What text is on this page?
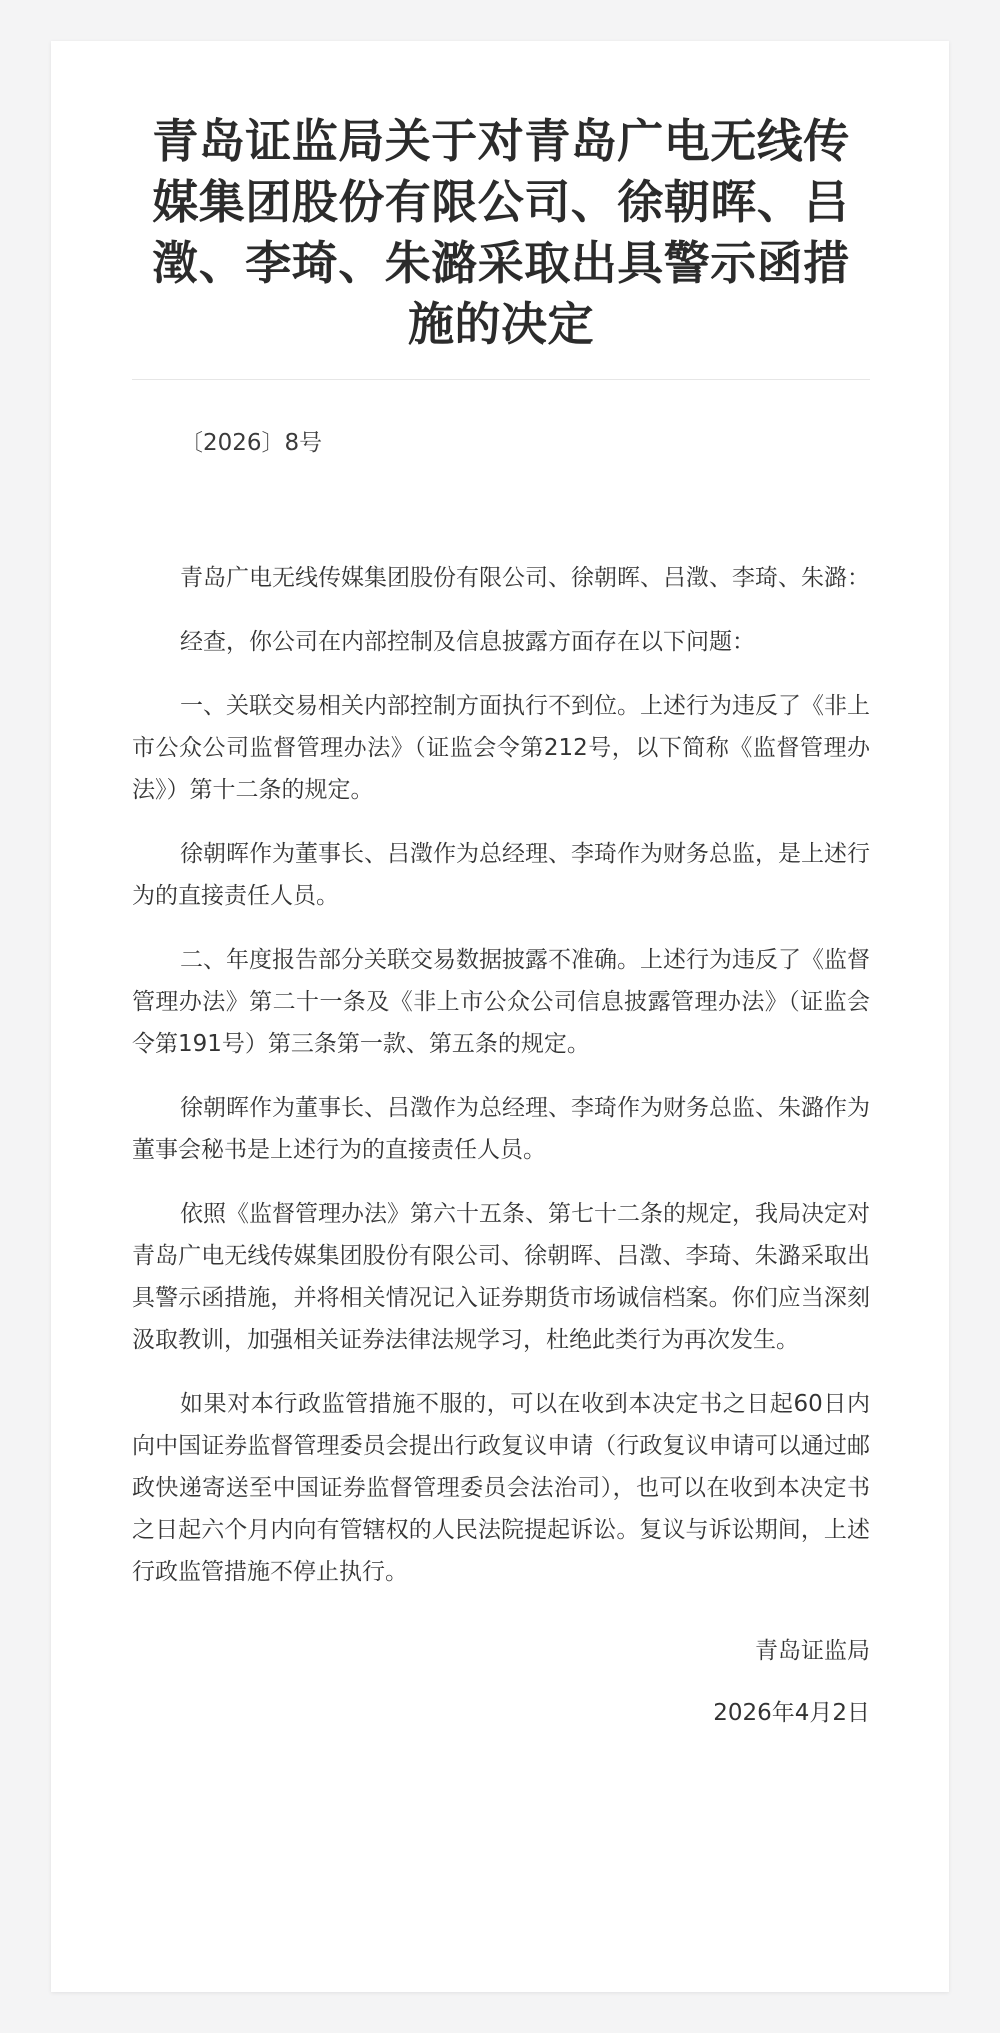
青岛证监局关于对青岛广电无线传媒集团股份有限公司、徐朝晖、吕澂、李琦、朱潞采取出具警示函措施的决定

〔2026〕8号

青岛广电无线传媒集团股份有限公司、徐朝晖、吕澂、李琦、朱潞：

经查，你公司在内部控制及信息披露方面存在以下问题：

一、关联交易相关内部控制方面执行不到位。上述行为违反了《非上市公众公司监督管理办法》（证监会令第212号，以下简称《监督管理办法》）第十二条的规定。

徐朝晖作为董事长、吕澂作为总经理、李琦作为财务总监，是上述行为的直接责任人员。

二、年度报告部分关联交易数据披露不准确。上述行为违反了《监督管理办法》第二十一条及《非上市公众公司信息披露管理办法》（证监会令第191号）第三条第一款、第五条的规定。

徐朝晖作为董事长、吕澂作为总经理、李琦作为财务总监、朱潞作为董事会秘书是上述行为的直接责任人员。

依照《监督管理办法》第六十五条、第七十二条的规定，我局决定对青岛广电无线传媒集团股份有限公司、徐朝晖、吕澂、李琦、朱潞采取出具警示函措施，并将相关情况记入证券期货市场诚信档案。你们应当深刻汲取教训，加强相关证券法律法规学习，杜绝此类行为再次发生。

如果对本行政监管措施不服的，可以在收到本决定书之日起60日内向中国证券监督管理委员会提出行政复议申请（行政复议申请可以通过邮政快递寄送至中国证券监督管理委员会法治司），也可以在收到本决定书之日起六个月内向有管辖权的人民法院提起诉讼。复议与诉讼期间，上述行政监管措施不停止执行。

青岛证监局

2026年4月2日
